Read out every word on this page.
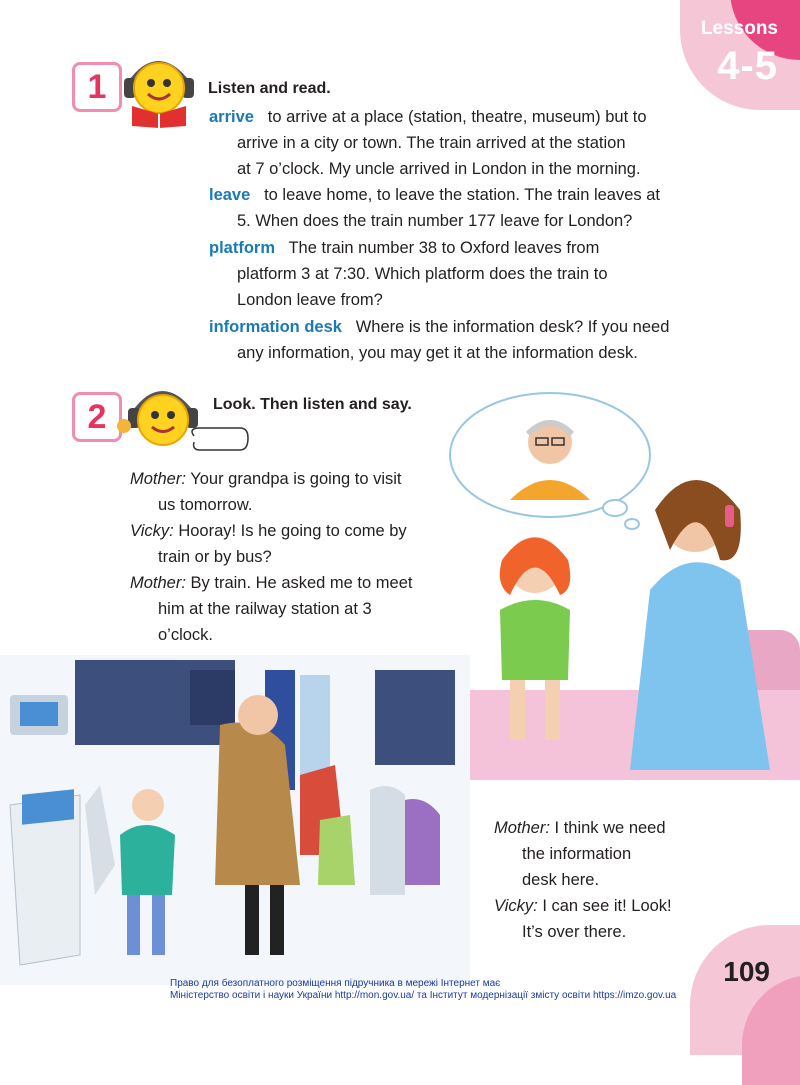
Lessons
4-5
1	Listen and read.
arrive to arrive at a place (station, theatre, museum) but to
arrive in a city or town. The train arrived at the station
at 7 o’clock. My uncle arrived in London in the morning.
leave to leave home, to leave the station. The train leaves at
5. When does the train number 177 leave for London?
platform The train number 38 to Oxford leaves from
platform 3 at 7:30. Which platform does the train to
London leave from?
information desk Where is the information desk? If you need
any information, you may get it at the information desk.
2	Look. Then listen and say.
Mother: Your grandpa is going to visit
us tomorrow.
Vicky: Hooray! Is he going to come by
train or by bus?
Mother: By train. He asked me to meet
him at the railway station at 3
o’clock.
Mother: I think we need
the information
desk here.
Vicky: I can see it! Look!
It’s over there.
109
Право для безоплатного розміщення підручника в мережі Інтернет має
Міністерство освіти і науки України http://mon.gov.ua/ та Інститут модернізації змісту освіти https://imzo.gov.ua
